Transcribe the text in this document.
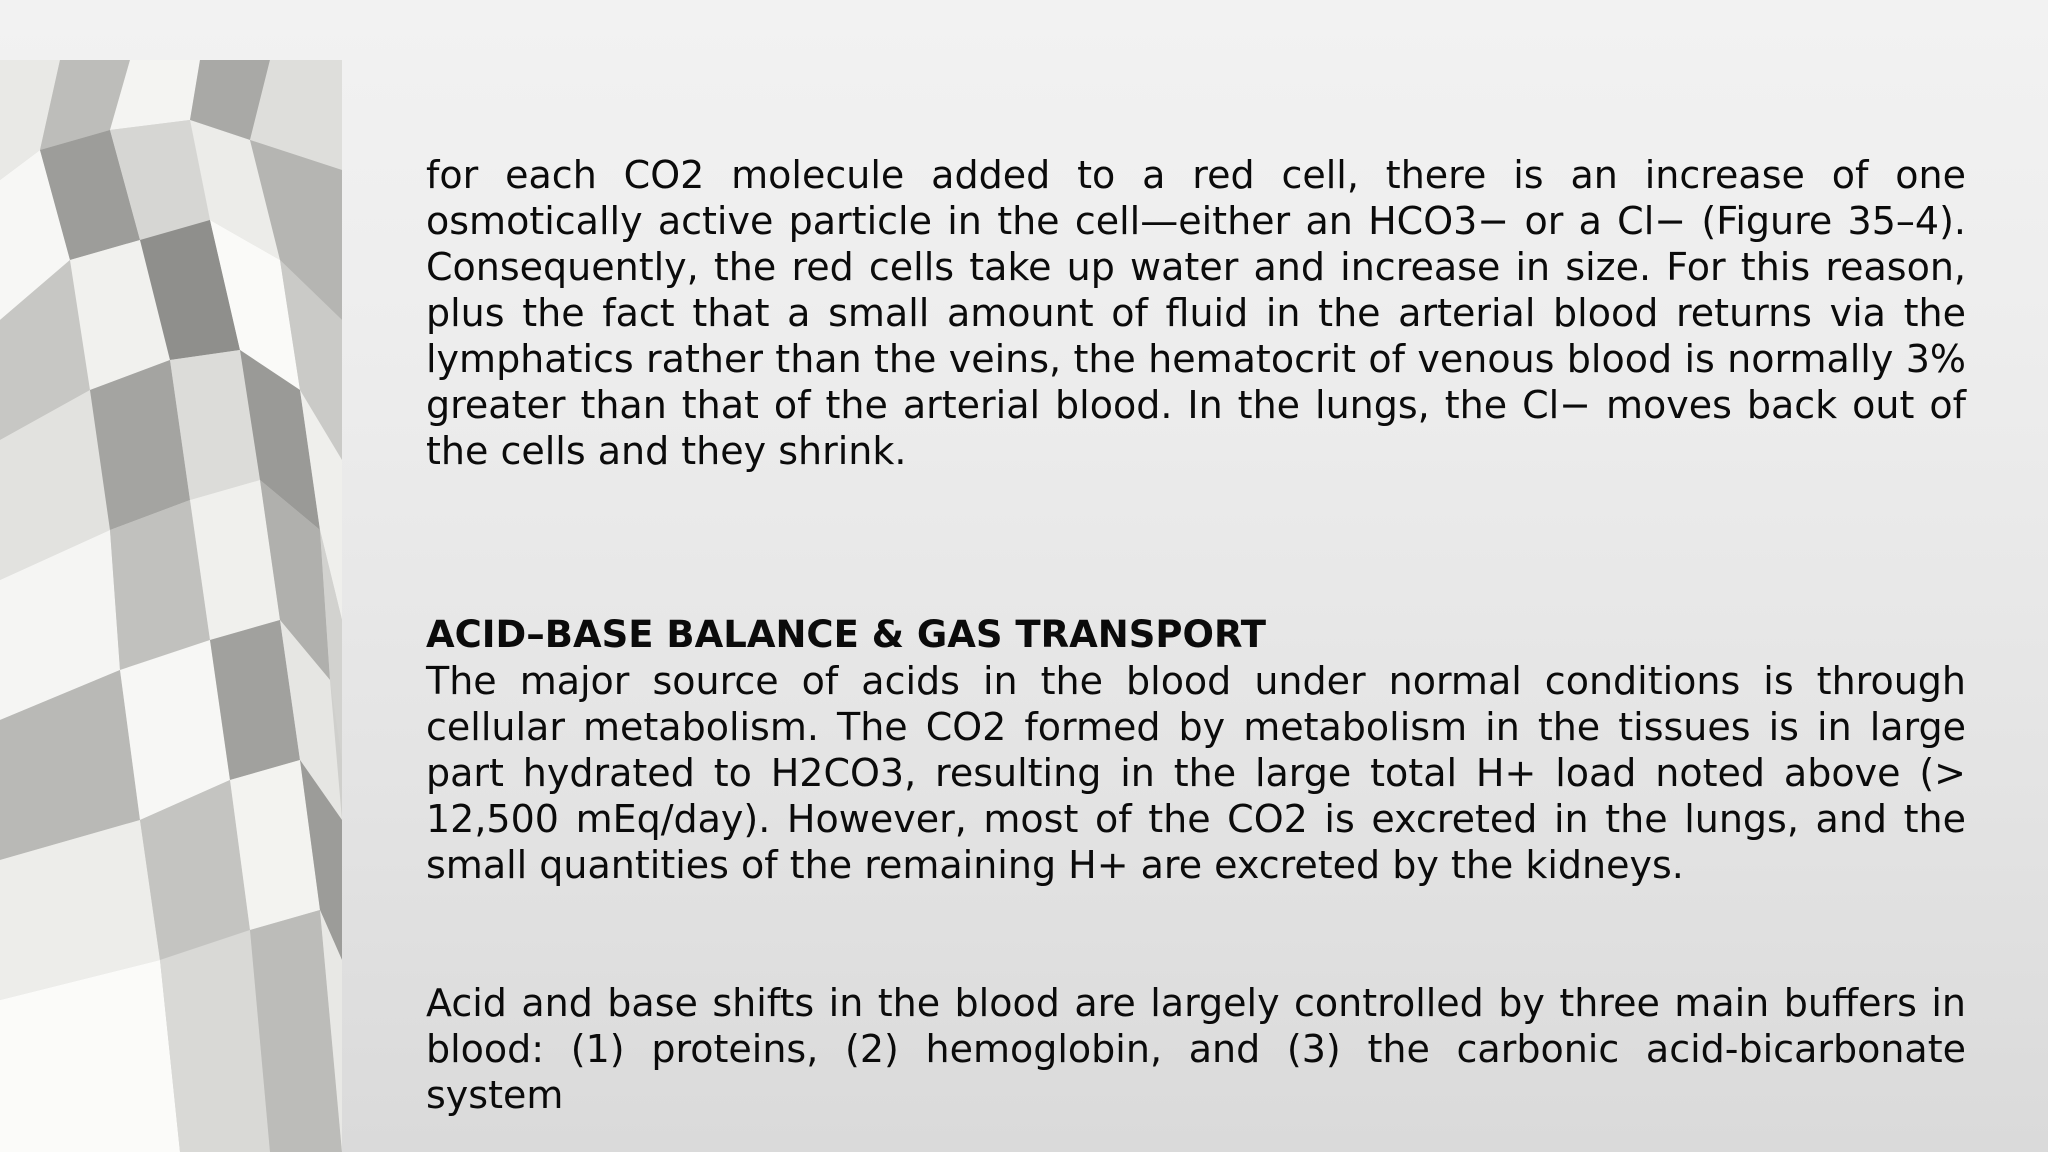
for each CO2 molecule added to a red cell, there is an increase of one osmotically active particle in the cell—either an HCO3− or a Cl− (Figure 35–4). Consequently, the red cells take up water and increase in size. For this reason, plus the fact that a small amount of fluid in the arterial blood returns via the lymphatics rather than the veins, the hematocrit of venous blood is normally 3% greater than that of the arterial blood. In the lungs, the Cl− moves back out of the cells and they shrink.

ACID–BASE BALANCE & GAS TRANSPORT

The major source of acids in the blood under normal conditions is through cellular metabolism. The CO2 formed by metabolism in the tissues is in large part hydrated to H2CO3, resulting in the large total H+ load noted above (> 12,500 mEq/day). However, most of the CO2 is excreted in the lungs, and the small quantities of the remaining H+ are excreted by the kidneys.

Acid and base shifts in the blood are largely controlled by three main buffers in blood: (1) proteins, (2) hemoglobin, and (3) the carbonic acid-bicarbonate system
